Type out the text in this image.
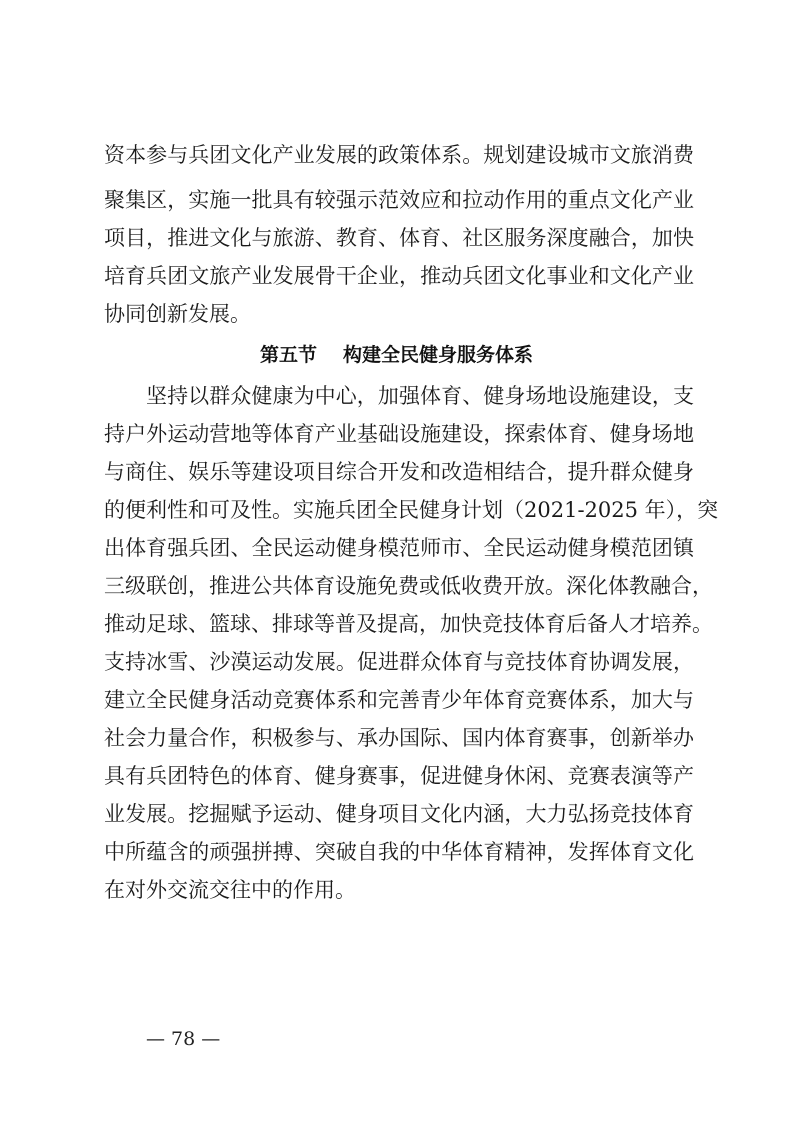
资本参与兵团文化产业发展的政策体系。规划建设城市文旅消费
聚集区，实施一批具有较强示范效应和拉动作用的重点文化产业
项目，推进文化与旅游、教育、体育、社区服务深度融合，加快
培育兵团文旅产业发展骨干企业，推动兵团文化事业和文化产业
协同创新发展。
第五节 构建全民健身服务体系
坚持以群众健康为中心，加强体育、健身场地设施建设，支
持户外运动营地等体育产业基础设施建设，探索体育、健身场地
与商住、娱乐等建设项目综合开发和改造相结合，提升群众健身
的便利性和可及性。实施兵团全民健身计划（2021-2025 年），突
出体育强兵团、全民运动健身模范师市、全民运动健身模范团镇
三级联创，推进公共体育设施免费或低收费开放。深化体教融合，
推动足球、篮球、排球等普及提高，加快竞技体育后备人才培养。
支持冰雪、沙漠运动发展。促进群众体育与竞技体育协调发展，
建立全民健身活动竞赛体系和完善青少年体育竞赛体系，加大与
社会力量合作，积极参与、承办国际、国内体育赛事，创新举办
具有兵团特色的体育、健身赛事，促进健身休闲、竞赛表演等产
业发展。挖掘赋予运动、健身项目文化内涵，大力弘扬竞技体育
中所蕴含的顽强拼搏、突破自我的中华体育精神，发挥体育文化
在对外交流交往中的作用。
— 78 —
